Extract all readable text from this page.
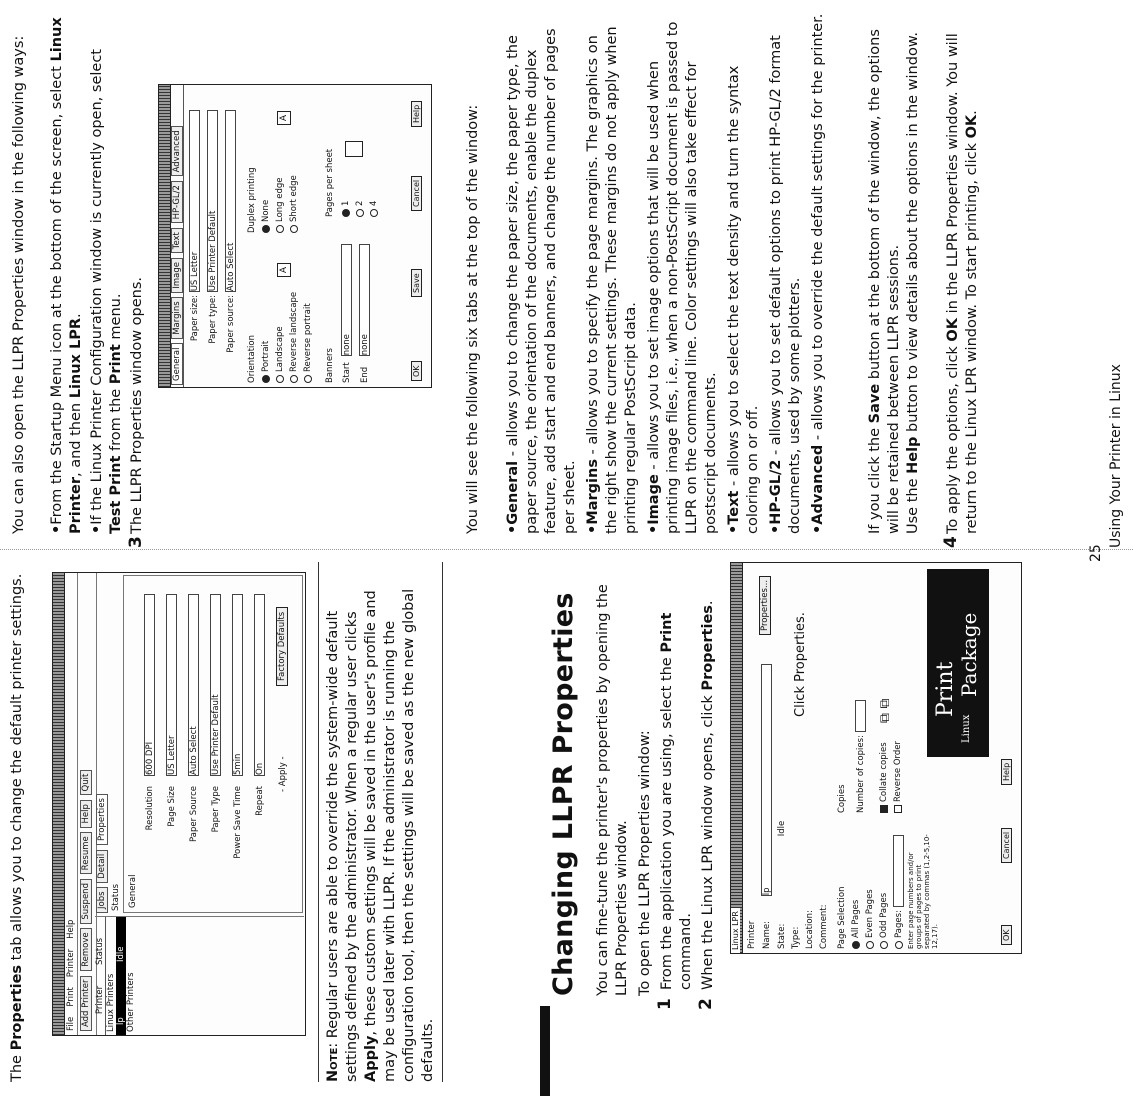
The Properties tab allows you to change the default printer settings.

File
Print
Printer
Help
Add Printer Remove Suspend Resume Help Quit
Printer
Status
Linux Printers lp
Idle
Other Printers
Jobs Detail Properties
Status General
Resolution600 DPI
Page SizeUS Letter
Paper SourceAuto Select
Paper TypeUse Printer Default
Power Save Time5min
RepeatOn
- Apply -
Factory Defaults

Note: Regular users are able to override the system-wide default settings defined by the administrator. When a regular user clicks Apply, these custom settings will be saved in the user's profile and may be used later with LLPR. If the administrator is running the configuration tool, then the settings will be saved as the new global defaults.

Changing LLPR Properties You can fine-tune the printer's properties by opening the LLPR Properties window. To open the LLPR Properties window:

1

From the application you are using, select the Print command.

2

When the Linux LPR window opens, click Properties.

Linux LPR Printer Name: lp
Properties...
State: Idle
Type: Location: Comment:
Click Properties.
Page Selection All Pages Even Pages Odd Pages Pages: Enter page numbers and/or groups of pages to print separated by commas (1,2-5,10-12,17).
Copies Number of copies: Collate copies Reverse Order
⧉ ⧉
Linux
Print Package
OK
Cancel
Help
25

You can also open the LLPR Properties window in the following ways: •From the Startup Menu icon at the bottom of the screen, select Linux Printer, and then Linux LPR.

•If the Linux Printer Configuration window is currently open, select Test Print from the Print menu.

3

The LLPR Properties window opens.	General Margins Image Text HP-GL/2 Advanced
Paper size: US Letter
Paper type: Use Printer Default
Paper source: Auto Select
Orientation Portrait Landscape Reverse landscape Reverse portrait
A
Duplex printing None Long edge Short edge
A
Banners Start none
End none
Pages per sheet 1 2 4
OK
Save
Cancel
Help	You will see the following six tabs at the top of the window: •General - allows you to change the paper size, the paper type, the paper source, the orientation of the documents, enable the duplex feature, add start and end banners, and change the number of pages per sheet. •Margins - allows you to specify the page margins. The graphics on the right show the current settings. These margins do not apply when printing regular PostScript data. •Image - allows you to set image options that will be used when printing image files, i.e., when a non-PostScript document is passed to LLPR on the command line. Color settings will also take effect for postscript documents. •Text - allows you to select the text density and turn the syntax coloring on or off. •HP-GL/2 - allows you to set default options to print HP-GL/2 format documents, used by some plotters. •Advanced - allows you to override the default settings for the printer.

If you click the Save button at the bottom of the window, the options will be retained between LLPR sessions. Use the Help button to view details about the options in the window.

4

To apply the options, click OK in the LLPR Properties window. You will return to the Linux LPR window. To start printing, click OK.

Using Your Printer in Linux
